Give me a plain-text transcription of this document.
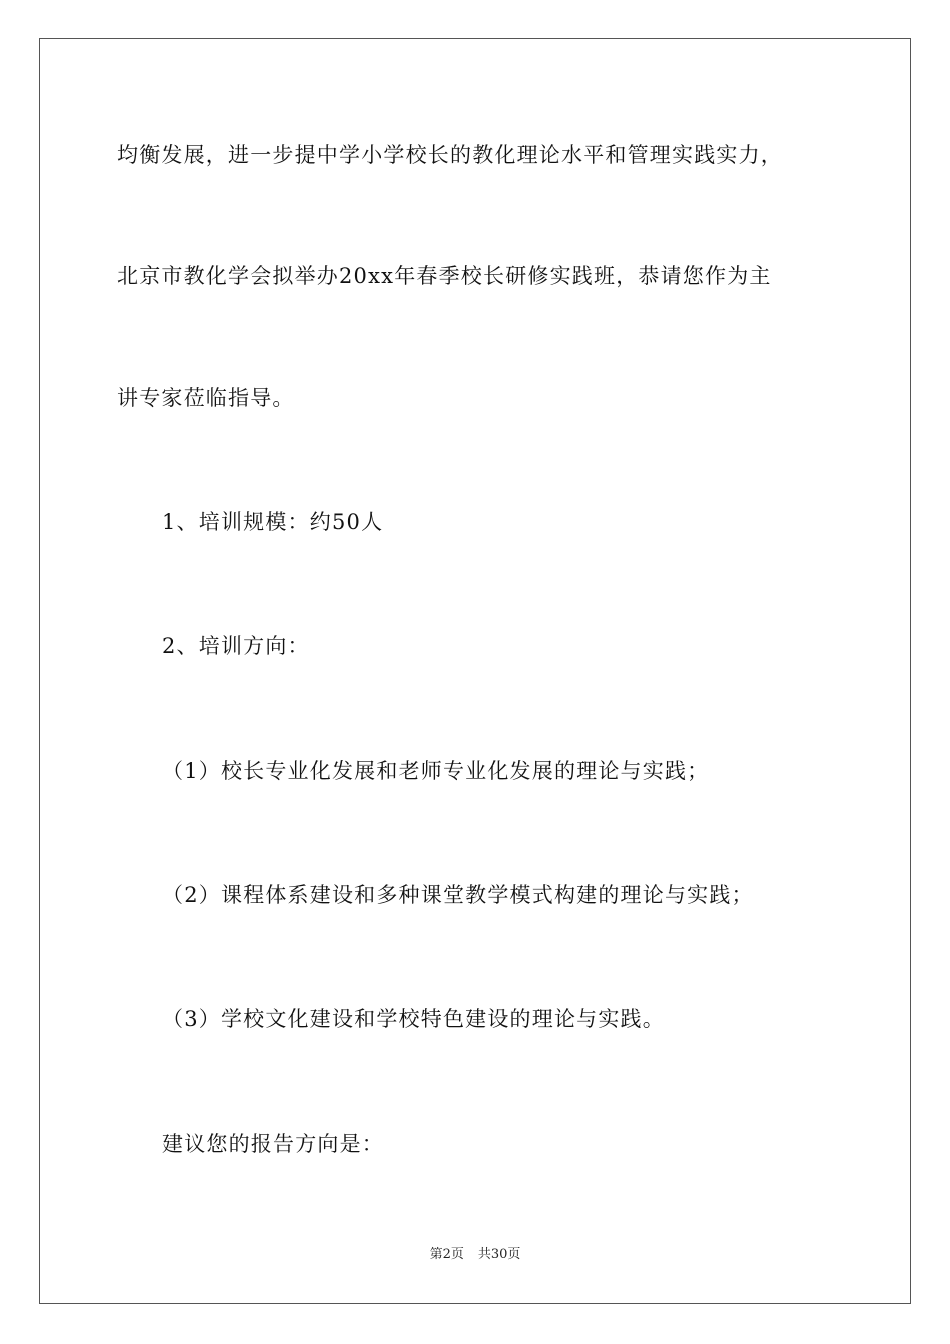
均衡发展，进一步提中学小学校长的教化理论水平和管理实践实力，
北京市教化学会拟举办20xx年春季校长研修实践班，恭请您作为主
讲专家莅临指导。
1、培训规模：约50人
2、培训方向：
（1）校长专业化发展和老师专业化发展的理论与实践；
（2）课程体系建设和多种课堂教学模式构建的理论与实践；
（3）学校文化建设和学校特色建设的理论与实践。
建议您的报告方向是：
第2页 共30页
